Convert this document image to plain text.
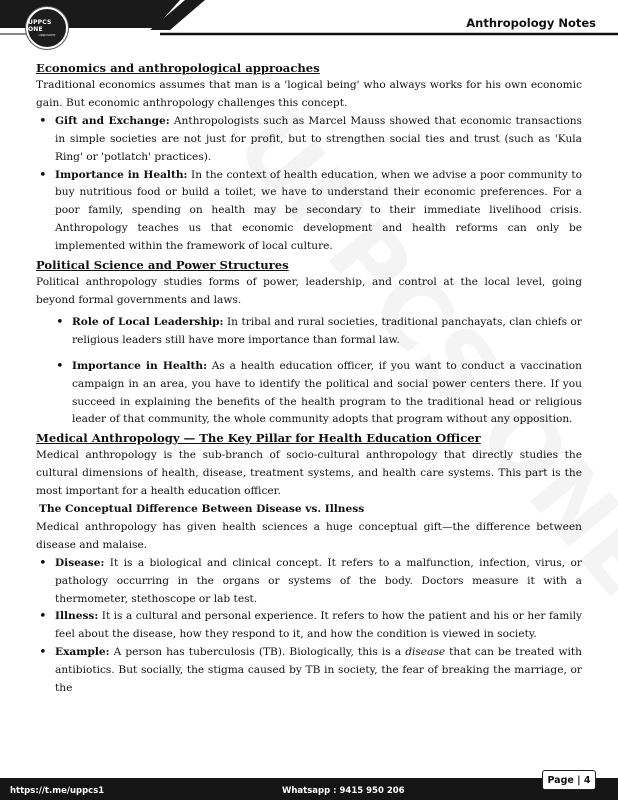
UPPCS ONE
uppcsone
Anthropology Notes

Economics and anthropological approaches

Traditional economics assumes that man is a 'logical being' who always works for his own economic gain. But economic anthropology challenges this concept.

• Gift and Exchange: Anthropologists such as Marcel Mauss showed that economic transactions in simple societies are not just for profit, but to strengthen social ties and trust (such as 'Kula Ring' or 'potlatch' practices).
• Importance in Health: In the context of health education, when we advise a poor community to buy nutritious food or build a toilet, we have to understand their economic preferences. For a poor family, spending on health may be secondary to their immediate livelihood crisis. Anthropology teaches us that economic development and health reforms can only be implemented within the framework of local culture.

Political Science and Power Structures

Political anthropology studies forms of power, leadership, and control at the local level, going beyond formal governments and laws.

• Role of Local Leadership: In tribal and rural societies, traditional panchayats, clan chiefs or religious leaders still have more importance than formal law.
• Importance in Health: As a health education officer, if you want to conduct a vaccination campaign in an area, you have to identify the political and social power centers there. If you succeed in explaining the benefits of the health program to the traditional head or religious leader of that community, the whole community adopts that program without any opposition.

Medical Anthropology — The Key Pillar for Health Education Officer

Medical anthropology is the sub-branch of socio-cultural anthropology that directly studies the cultural dimensions of health, disease, treatment systems, and health care systems. This part is the most important for a health education officer.

The Conceptual Difference Between Disease vs. Illness

Medical anthropology has given health sciences a huge conceptual gift—the difference between disease and malaise.

• Disease: It is a biological and clinical concept. It refers to a malfunction, infection, virus, or pathology occurring in the organs or systems of the body. Doctors measure it with a thermometer, stethoscope or lab test.
• Illness: It is a cultural and personal experience. It refers to how the patient and his or her family feel about the disease, how they respond to it, and how the condition is viewed in society.
• Example: A person has tuberculosis (TB). Biologically, this is a disease that can be treated with antibiotics. But socially, the stigma caused by TB in society, the fear of breaking the marriage, or the
https://t.me/uppcs1	Whatsapp : 9415 950 206
Page | 4
